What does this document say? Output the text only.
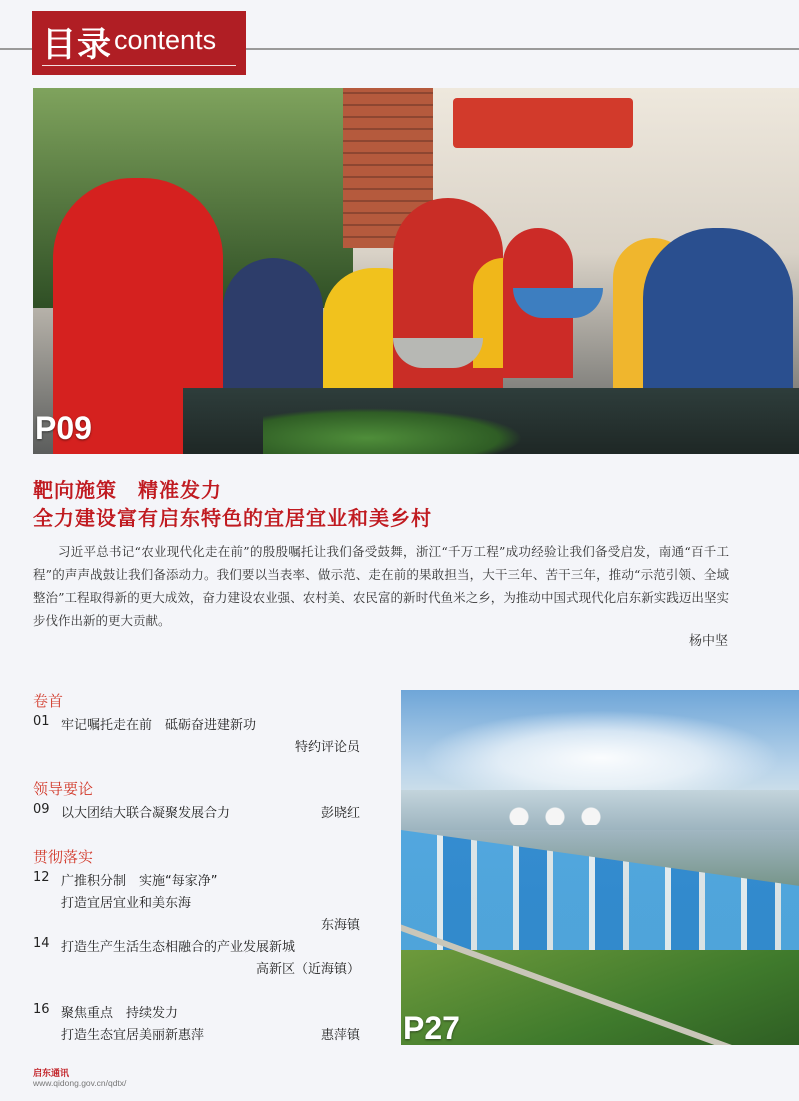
目录 contents
P09
靶向施策　精准发力
全力建设富有启东特色的宜居宜业和美乡村
习近平总书记“农业现代化走在前”的殷殷嘱托让我们备受鼓舞，浙江“千万工程”成功经验让我们备受启发，南通“百千工程”的声声战鼓让我们备添动力。我们要以当表率、做示范、走在前的果敢担当，大干三年、苦干三年，推动“示范引领、全域整治”工程取得新的更大成效，奋力建设农业强、农村美、农民富的新时代鱼米之乡，为推动中国式现代化启东新实践迈出坚实步伐作出新的更大贡献。
杨中坚
卷首
01 牢记嘱托走在前　砥砺奋进建新功
特约评论员
领导要论
09 以大团结大联合凝聚发展合力	彭晓红
贯彻落实
12 广推积分制　实施“每家净”
打造宜居宜业和美东海
东海镇
14 打造生产生活生态相融合的产业发展新城
高新区（近海镇）
16 聚焦重点　持续发力
打造生态宜居美丽新惠萍	惠萍镇 P27
启东通讯
www.qidong.gov.cn/qdtx/
